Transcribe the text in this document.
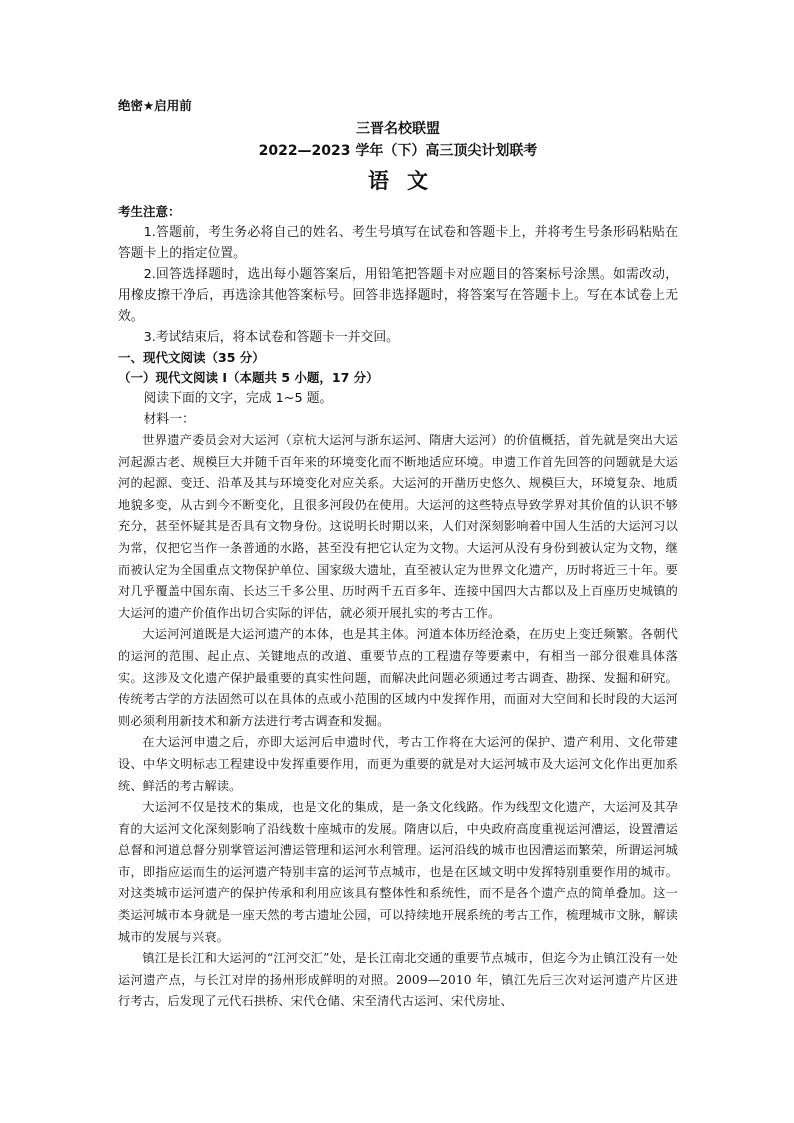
绝密★启用前

三晋名校联盟

2022—2023 学年（下）高三顶尖计划联考

语文

考生注意：

1.答题前，考生务必将自己的姓名、考生号填写在试卷和答题卡上，并将考生号条形码粘贴在答题卡上的指定位置。

2.回答选择题时，选出每小题答案后，用铅笔把答题卡对应题目的答案标号涂黑。如需改动，用橡皮擦干净后，再选涂其他答案标号。回答非选择题时，将答案写在答题卡上。写在本试卷上无效。

3.考试结束后，将本试卷和答题卡一并交回。

一、现代文阅读（35 分）

（一）现代文阅读 I（本题共 5 小题，17 分）

阅读下面的文字，完成 1~5 题。

材料一：

世界遗产委员会对大运河（京杭大运河与浙东运河、隋唐大运河）的价值概括，首先就是突出大运河起源古老、规模巨大并随千百年来的环境变化而不断地适应环境。申遗工作首先回答的问题就是大运河的起源、变迁、沿革及其与环境变化对应关系。大运河的开凿历史悠久、规模巨大，环境复杂、地质地貌多变，从古到今不断变化，且很多河段仍在使用。大运河的这些特点导致学界对其价值的认识不够充分，甚至怀疑其是否具有文物身份。这说明长时期以来，人们对深刻影响着中国人生活的大运河习以为常，仅把它当作一条普通的水路，甚至没有把它认定为文物。大运河从没有身份到被认定为文物，继而被认定为全国重点文物保护单位、国家级大遗址，直至被认定为世界文化遗产，历时将近三十年。要对几乎覆盖中国东南、长达三千多公里、历时两千五百多年、连接中国四大古都以及上百座历史城镇的大运河的遗产价值作出切合实际的评估，就必须开展扎实的考古工作。

大运河河道既是大运河遗产的本体，也是其主体。河道本体历经沧桑，在历史上变迁频繁。各朝代的运河的范围、起止点、关键地点的改道、重要节点的工程遗存等要素中，有相当一部分很难具体落实。这涉及文化遗产保护最重要的真实性问题，而解决此问题必须通过考古调查、勘探、发掘和研究。传统考古学的方法固然可以在具体的点或小范围的区域内中发挥作用，而面对大空间和长时段的大运河则必须利用新技术和新方法进行考古调查和发掘。

在大运河申遗之后，亦即大运河后申遗时代，考古工作将在大运河的保护、遗产利用、文化带建设、中华文明标志工程建设中发挥重要作用，而更为重要的就是对大运河城市及大运河文化作出更加系统、鲜活的考古解读。

大运河不仅是技术的集成，也是文化的集成，是一条文化线路。作为线型文化遗产，大运河及其孕育的大运河文化深刻影响了沿线数十座城市的发展。隋唐以后，中央政府高度重视运河漕运，设置漕运总督和河道总督分别掌管运河漕运管理和运河水利管理。运河沿线的城市也因漕运而繁荣，所谓运河城市，即指应运而生的运河遗产特别丰富的运河节点城市，也是在区域文明中发挥特别重要作用的城市。对这类城市运河遗产的保护传承和利用应该具有整体性和系统性，而不是各个遗产点的简单叠加。这一类运河城市本身就是一座天然的考古遗址公园，可以持续地开展系统的考古工作，梳理城市文脉，解读城市的发展与兴衰。

镇江是长江和大运河的“江河交汇”处，是长江南北交通的重要节点城市，但迄今为止镇江没有一处运河遗产点，与长江对岸的扬州形成鲜明的对照。2009—2010 年，镇江先后三次对运河遗产片区进行考古，后发现了元代石拱桥、宋代仓储、宋至清代古运河、宋代房址、
